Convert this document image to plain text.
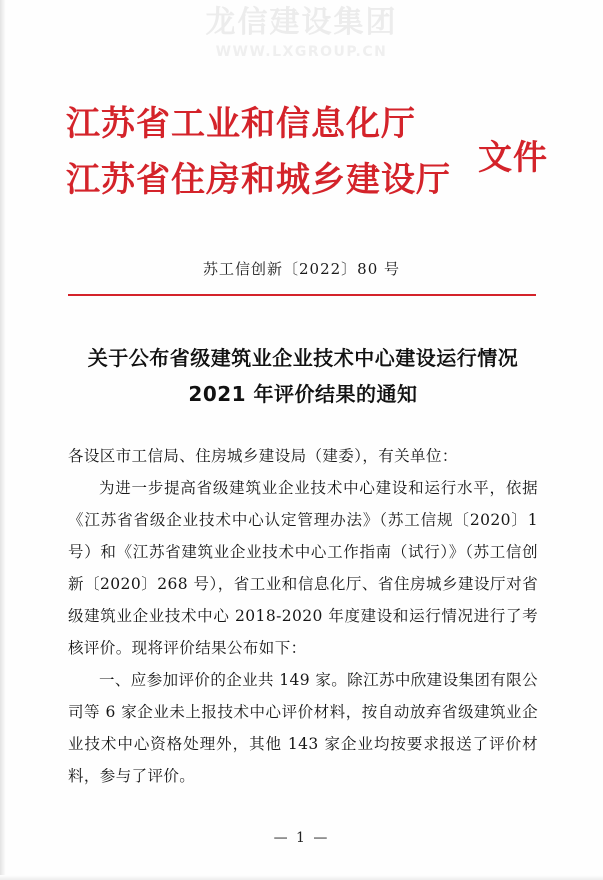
龙信建设集团
WWW.LXGROUP.CN
江苏省工业和信息化厅
江苏省住房和城乡建设厅
文件
苏工信创新〔2022〕80 号
关于公布省级建筑业企业技术中心建设运行情况 2021 年评价结果的通知

各设区市工信局、住房城乡建设局（建委），有关单位：

为进一步提高省级建筑业企业技术中心建设和运行水平，依据《江苏省省级企业技术中心认定管理办法》（苏工信规〔2020〕1 号）和《江苏省建筑业企业技术中心工作指南（试行）》（苏工信创新〔2020〕268 号），省工业和信息化厅、省住房城乡建设厅对省级建筑业企业技术中心 2018-2020 年度建设和运行情况进行了考核评价。现将评价结果公布如下：

一、应参加评价的企业共 149 家。除江苏中欣建设集团有限公司等 6 家企业未上报技术中心评价材料，按自动放弃省级建筑业企业技术中心资格处理外，其他 143 家企业均按要求报送了评价材料，参与了评价。

— 1 —
